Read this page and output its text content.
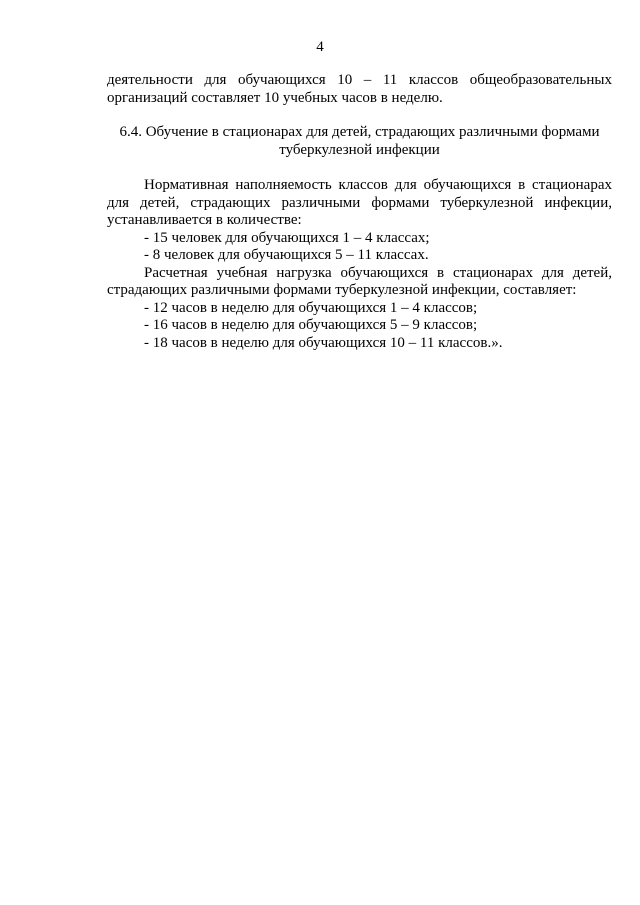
4

деятельности для обучающихся 10 – 11 классов общеобразовательных

организаций составляет 10 учебных часов в неделю.

6.4. Обучение в стационарах для детей, страдающих различными формами

туберкулезной инфекции

Нормативная наполняемость классов для обучающихся в стационарах

для детей, страдающих различными формами туберкулезной инфекции,

устанавливается в количестве:

- 15 человек для обучающихся 1 – 4 классах;

- 8 человек для обучающихся 5 – 11 классах.

Расчетная учебная нагрузка обучающихся в стационарах для детей,

страдающих различными формами туберкулезной инфекции, составляет:

- 12 часов в неделю для обучающихся 1 – 4 классов;

- 16 часов в неделю для обучающихся 5 – 9 классов;

- 18 часов в неделю для обучающихся 10 – 11 классов.».
